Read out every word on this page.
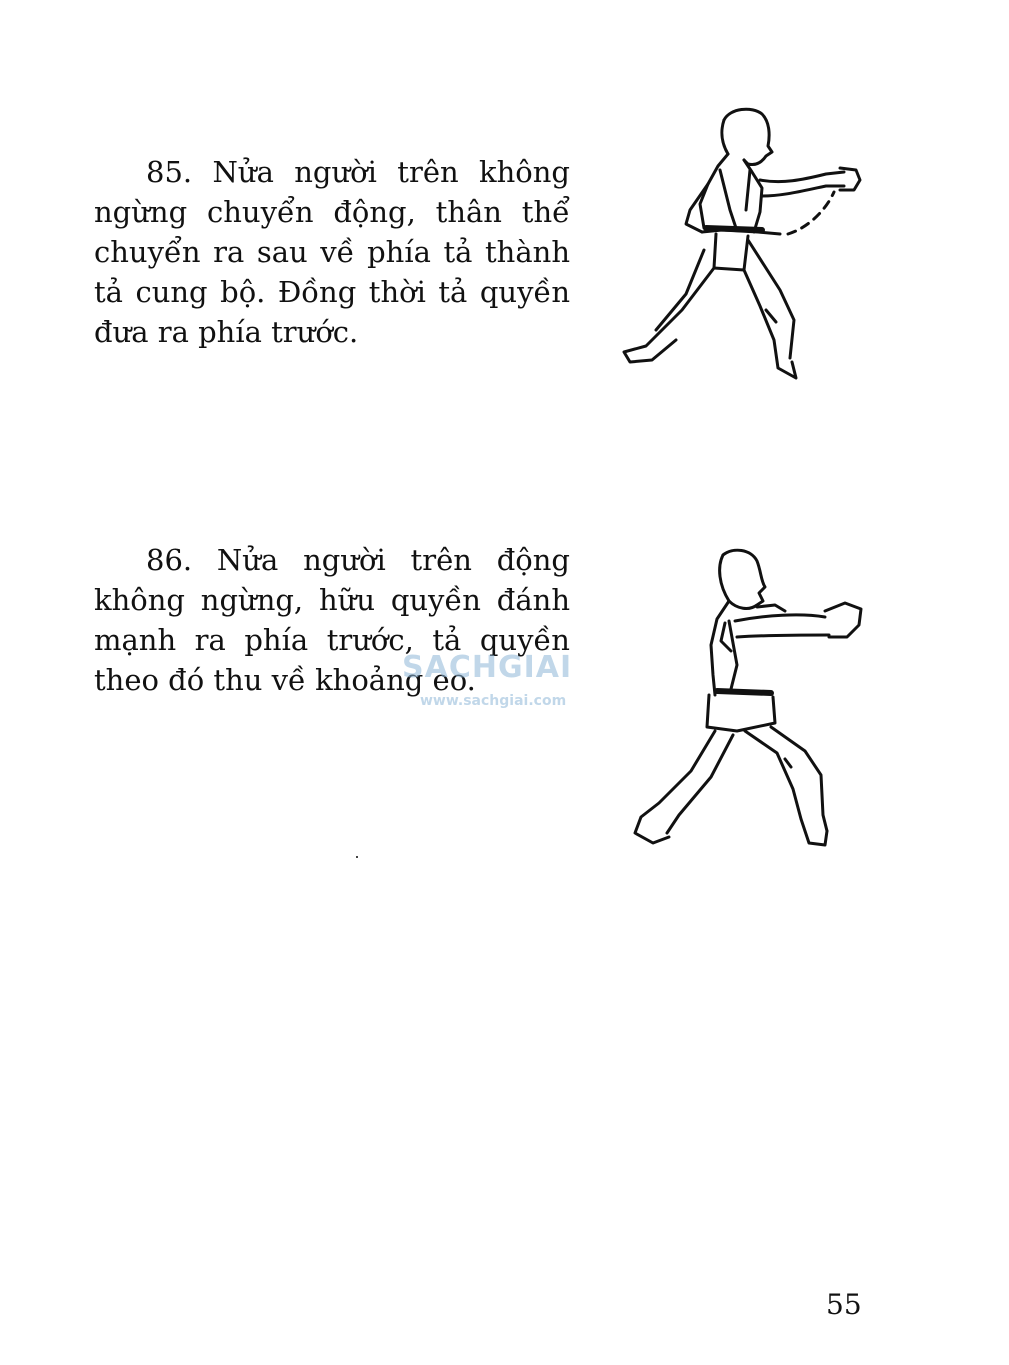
85. Nửa người trên không ngừng chuyển động, thân thể chuyển ra sau về phía tả thành tả cung bộ. Đồng thời tả quyền đưa ra phía trước.

86. Nửa người trên động không ngừng, hữu quyền đánh mạnh ra phía trước, tả quyền theo đó thu về khoảng eo.

SACHGIAI
www.sachgiai.com
55
